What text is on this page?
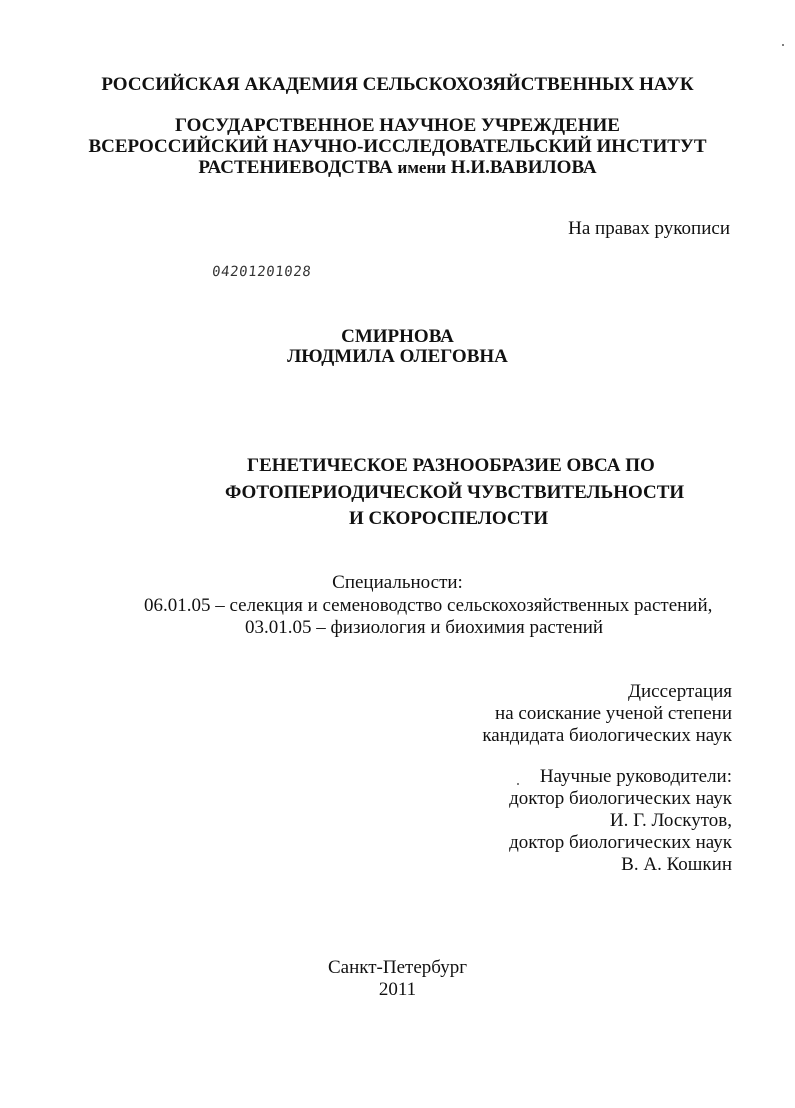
РОССИЙСКАЯ АКАДЕМИЯ СЕЛЬСКОХОЗЯЙСТВЕННЫХ НАУК
ГОСУДАРСТВЕННОЕ НАУЧНОЕ УЧРЕЖДЕНИЕ
ВСЕРОССИЙСКИЙ НАУЧНО-ИССЛЕДОВАТЕЛЬСКИЙ ИНСТИТУТ
РАСТЕНИЕВОДСТВА имени Н.И.ВАВИЛОВА
На правах рукописи
04201201028
СМИРНОВА
ЛЮДМИЛА ОЛЕГОВНА
ГЕНЕТИЧЕСКОЕ РАЗНООБРАЗИЕ ОВСА ПО
ФОТОПЕРИОДИЧЕСКОЙ ЧУВСТВИТЕЛЬНОСТИ
И СКОРОСПЕЛОСТИ
Специальности:
06.01.05 – селекция и семеноводство сельскохозяйственных растений,
03.01.05 – физиология и биохимия растений
Диссертация
на соискание ученой степени
кандидата биологических наук
Научные руководители:
доктор биологических наук
И. Г. Лоскутов,
доктор биологических наук
В. А. Кошкин
Санкт-Петербург
2011
